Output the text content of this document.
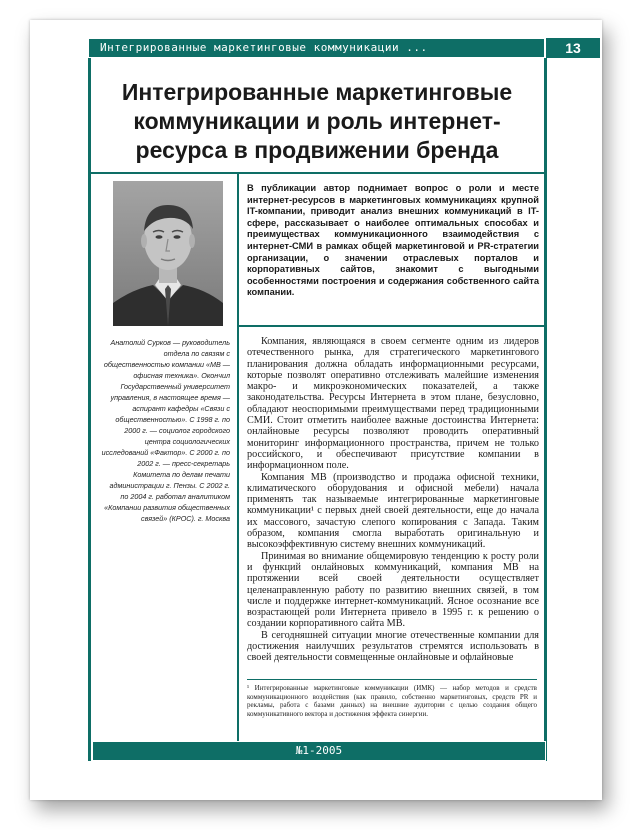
Интегрированные маркетинговые коммуникации ...	13
Интегрированные маркетинговые коммуникации и роль интернет-ресурса в продвижении бренда
В публикации автор поднимает вопрос о роли и месте интернет-ресурсов в маркетинговых коммуникациях крупной IT-компании, приводит анализ внешних коммуникаций в IT-сфере, рассказывает о наиболее оптимальных способах и преимуществах коммуникационного взаимодействия с интернет-СМИ в рамках общей маркетинговой и PR-стратегии организации, о значении отраслевых порталов и корпоративных сайтов, знакомит с выгодными особенностями построения и содержания собственного сайта компании.
Анатолий Сурков — руководитель отдела по связям с общественностью компании «МВ — офисная техника». Окончил Государственный университет управления, в настоящее время — аспирант кафедры «Связи с общественностью». С 1998 г. по 2000 г. — социолог городского центра социологических исследований «Фактор». С 2000 г. по 2002 г. — пресс-секретарь Комитета по делам печати администрации г. Пензы. С 2002 г. по 2004 г. работал аналитиком «Компании развития общественных связей» (КРОС). г. Москва

Компания, являющаяся в своем сегменте одним из лидеров отечественного рынка, для стратегического маркетингового планирования должна обладать информационными ресурсами, которые позволят оперативно отслеживать малейшие изменения макро- и микроэкономических показателей, а также законодательства. Ресурсы Интернета в этом плане, безусловно, обладают неоспоримыми преимуществами перед традиционными СМИ. Стоит отметить наиболее важные достоинства Интернета: онлайновые ресурсы позволяют проводить оперативный мониторинг информационного пространства, причем не только российского, и обеспечивают присутствие компании в информационном поле.

Компания МВ (производство и продажа офисной техники, климатического оборудования и офисной мебели) начала применять так называемые интегрированные маркетинговые коммуникации¹ с первых дней своей деятельности, еще до начала их массового, зачастую слепого копирования с Запада. Таким образом, компания смогла выработать оригинальную и высокоэффективную систему внешних коммуникаций.

Принимая во внимание общемировую тенденцию к росту роли и функций онлайновых коммуникаций, компания МВ на протяжении всей своей деятельности осуществляет целенаправленную работу по развитию внешних связей, в том числе и поддержке интернет-коммуникаций. Ясное осознание все возрастающей роли Интернета привело в 1995 г. к решению о создании корпоративного сайта МВ.

В сегодняшней ситуации многие отечественные компании для достижения наилучших результатов стремятся использовать в своей деятельности совмещенные онлайновые и офлайновые

¹ Интегрированные маркетинговые коммуникации (ИМК) — набор методов и средств коммуникационного воздействия (как правило, собственно маркетинговых, средств PR и рекламы, работа с базами данных) на внешние аудитории с целью создания общего коммуникативного вектора и достижения эффекта синергии.
№1-2005
